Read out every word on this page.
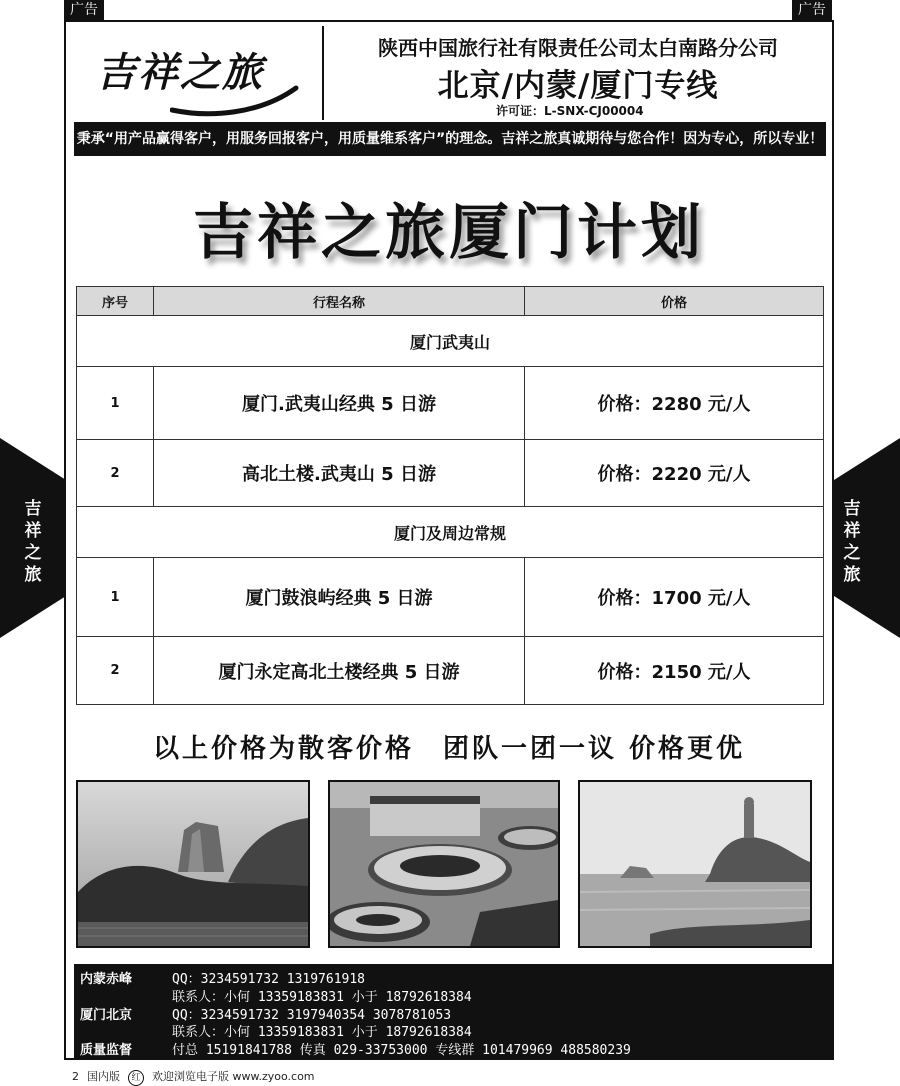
广告	广告
吉祥之旅
吉祥之旅
吉祥之旅
陕西中国旅行社有限责任公司太白南路分公司
北京/内蒙/厦门专线
许可证：L-SNX-CJ00004
秉承“用产品赢得客户，用服务回报客户，用质量维系客户”的理念。吉祥之旅真诚期待与您合作！因为专心，所以专业！
吉祥之旅厦门计划
序号	行程名称	价格
厦门武夷山		
1	厦门.武夷山经典 5 日游	价格：2280 元/人
2	高北土楼.武夷山 5 日游	价格：2220 元/人
厦门及周边常规		
1	厦门鼓浪屿经典 5 日游	价格：1700 元/人
2	厦门永定高北土楼经典 5 日游	价格：2150 元/人
以上价格为散客价格　团队一团一议 价格更优
内蒙赤峰	QQ：3234591732 1319761918
联系人：小何 13359183831 小于 18792618384
厦门北京	QQ：3234591732 3197940354 3078781053
联系人：小何 13359183831 小于 18792618384
质量监督	付总 15191841788 传真 029-33753000 专线群 101479969 488580239
2 国内版 红 欢迎浏览电子版 www.zyoo.com
